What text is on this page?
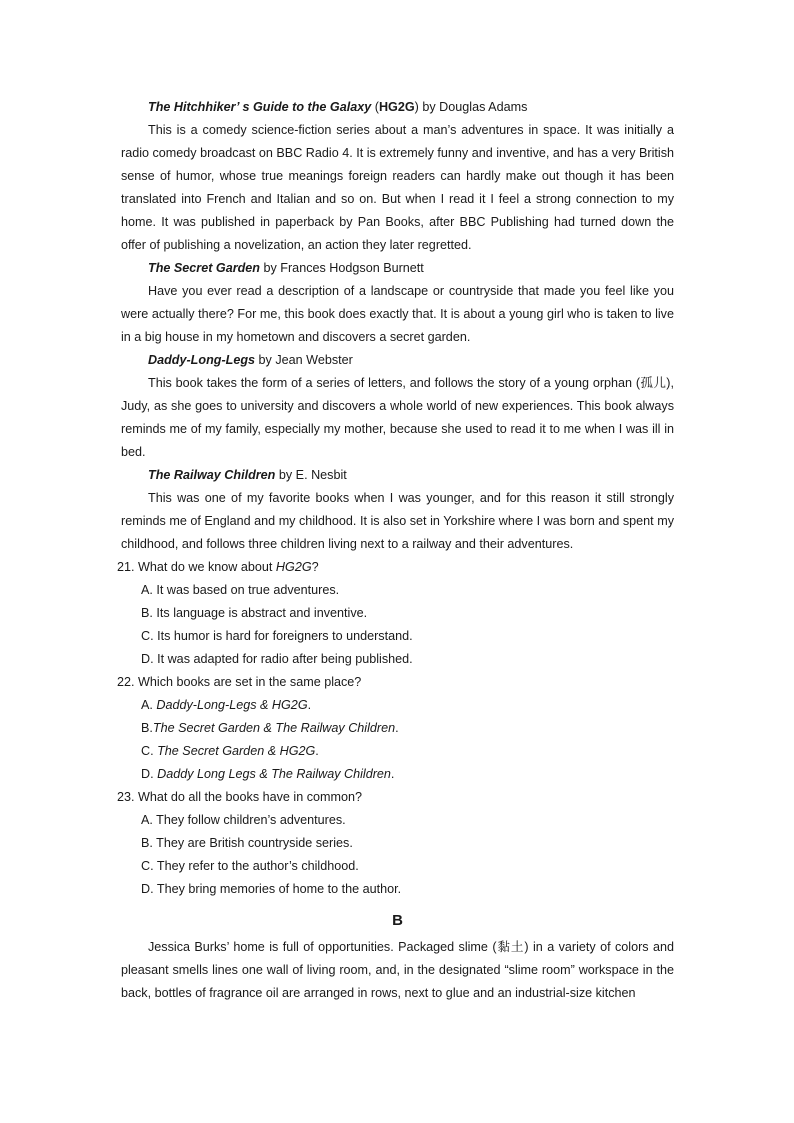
The Hitchhiker’ s Guide to the Galaxy (HG2G) by Douglas Adams
This is a comedy science-fiction series about a man’s adventures in space. It was initially a radio comedy broadcast on BBC Radio 4. It is extremely funny and inventive, and has a very British sense of humor, whose true meanings foreign readers can hardly make out though it has been translated into French and Italian and so on. But when I read it I feel a strong connection to my home. It was published in paperback by Pan Books, after BBC Publishing had turned down the offer of publishing a novelization, an action they later regretted.
The Secret Garden by Frances Hodgson Burnett
Have you ever read a description of a landscape or countryside that made you feel like you were actually there? For me, this book does exactly that. It is about a young girl who is taken to live in a big house in my hometown and discovers a secret garden.
Daddy-Long-Legs by Jean Webster
This book takes the form of a series of letters, and follows the story of a young orphan (孤儿), Judy, as she goes to university and discovers a whole world of new experiences. This book always reminds me of my family, especially my mother, because she used to read it to me when I was ill in bed.
The Railway Children by E. Nesbit
This was one of my favorite books when I was younger, and for this reason it still strongly reminds me of England and my childhood. It is also set in Yorkshire where I was born and spent my childhood, and follows three children living next to a railway and their adventures.
21. What do we know about HG2G?
A. It was based on true adventures.
B. Its language is abstract and inventive.
C. Its humor is hard for foreigners to understand.
D. It was adapted for radio after being published.
22. Which books are set in the same place?
A. Daddy-Long-Legs & HG2G.
B.The Secret Garden & The Railway Children.
C. The Secret Garden & HG2G.
D. Daddy Long Legs & The Railway Children.
23. What do all the books have in common?
A. They follow children’s adventures.
B. They are British countryside series.
C. They refer to the author’s childhood.
D. They bring memories of home to the author.
B
Jessica Burks’ home is full of opportunities. Packaged slime (黏土) in a variety of colors and pleasant smells lines one wall of living room, and, in the designated “slime room” workspace in the back, bottles of fragrance oil are arranged in rows, next to glue and an industrial-size kitchen
